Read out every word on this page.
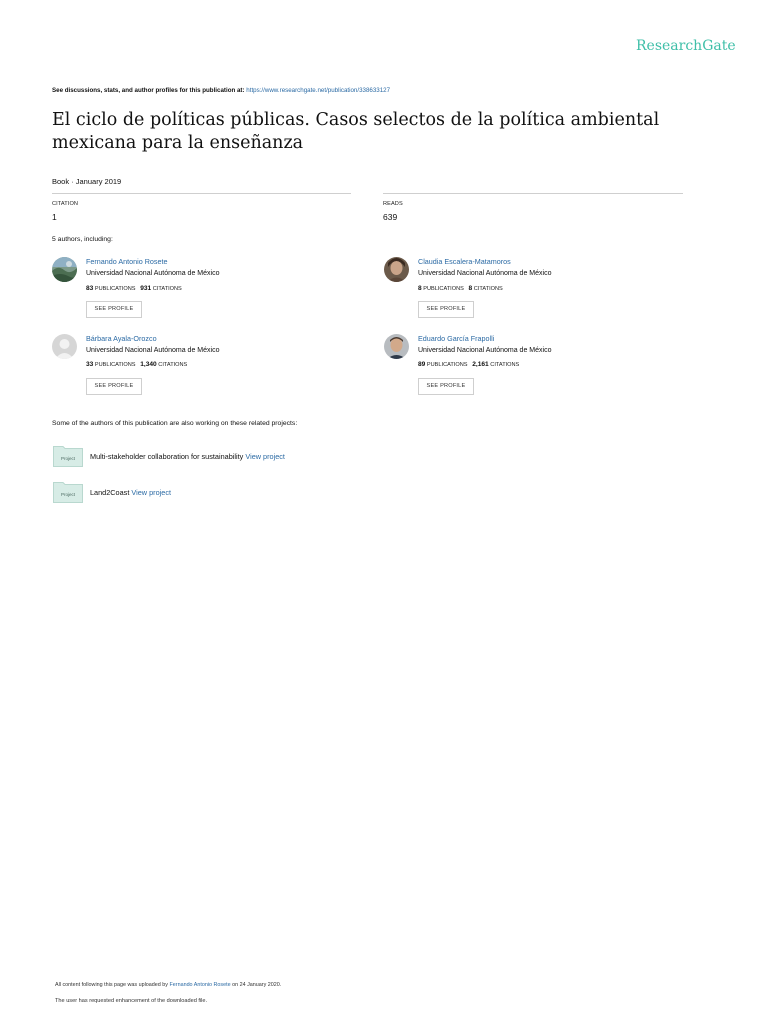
ResearchGate
See discussions, stats, and author profiles for this publication at: https://www.researchgate.net/publication/338633127
El ciclo de políticas públicas. Casos selectos de la política ambiental mexicana para la enseñanza
Book · January 2019
CITATION
1
READS
639
5 authors, including:
Fernando Antonio Rosete
Universidad Nacional Autónoma de México
83 PUBLICATIONS 931 CITATIONS
SEE PROFILE
Claudia Escalera-Matamoros
Universidad Nacional Autónoma de México
8 PUBLICATIONS 8 CITATIONS
SEE PROFILE
Bárbara Ayala-Orozco
Universidad Nacional Autónoma de México
33 PUBLICATIONS 1,340 CITATIONS
SEE PROFILE
Eduardo García Frapolli
Universidad Nacional Autónoma de México
89 PUBLICATIONS 2,161 CITATIONS
SEE PROFILE
Some of the authors of this publication are also working on these related projects:
Project Multi-stakeholder collaboration for sustainability View project
Project Land2Coast View project
All content following this page was uploaded by Fernando Antonio Rosete on 24 January 2020.
The user has requested enhancement of the downloaded file.
